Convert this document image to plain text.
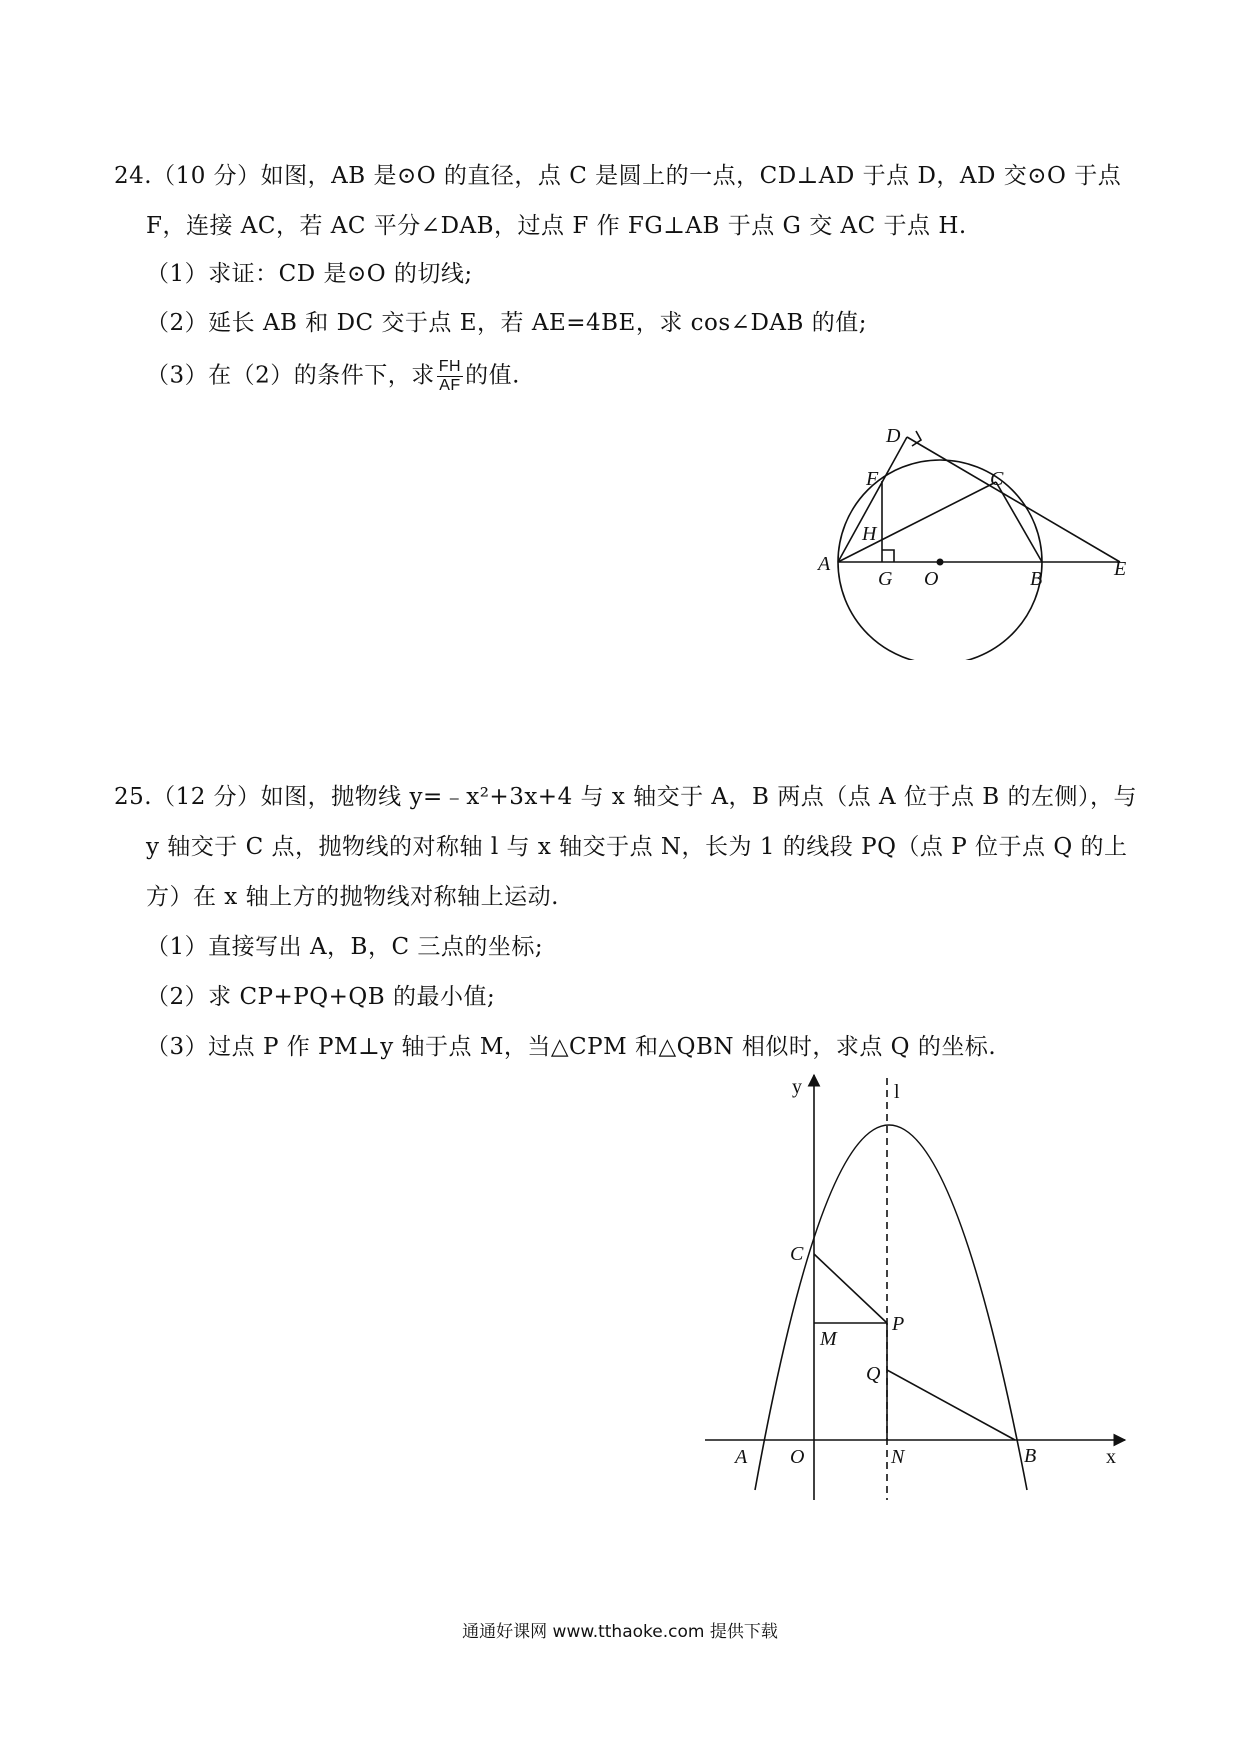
24.（10 分）如图，AB 是⊙O 的直径，点 C 是圆上的一点，CD⊥AD 于点 D，AD 交⊙O 于点
F，连接 AC，若 AC 平分∠DAB，过点 F 作 FG⊥AB 于点 G 交 AC 于点 H.
（1）求证：CD 是⊙O 的切线;
（2）延长 AB 和 DC 交于点 E，若 AE=4BE，求 cos∠DAB 的值;
（3）在（2）的条件下，求 $\frac{FH}{AF}$ 的值.
D
F	C
H
A
G O	B	E
25.（12 分）如图，抛物线 y=﹣x²+3x+4 与 x 轴交于 A，B 两点（点 A 位于点 B 的左侧），与
y 轴交于 C 点，抛物线的对称轴 l 与 x 轴交于点 N，长为 1 的线段 PQ（点 P 位于点 Q 的上
方）在 x 轴上方的抛物线对称轴上运动.
（1）直接写出 A，B，C 三点的坐标;
（2）求 CP+PQ+QB 的最小值;
（3）过点 P 作 PM⊥y 轴于点 M，当△CPM 和△QBN 相似时，求点 Q 的坐标.
y	l
C
M
P
Q
A O	N	B	x
通通好课网 www.tthaoke.com 提供下载
